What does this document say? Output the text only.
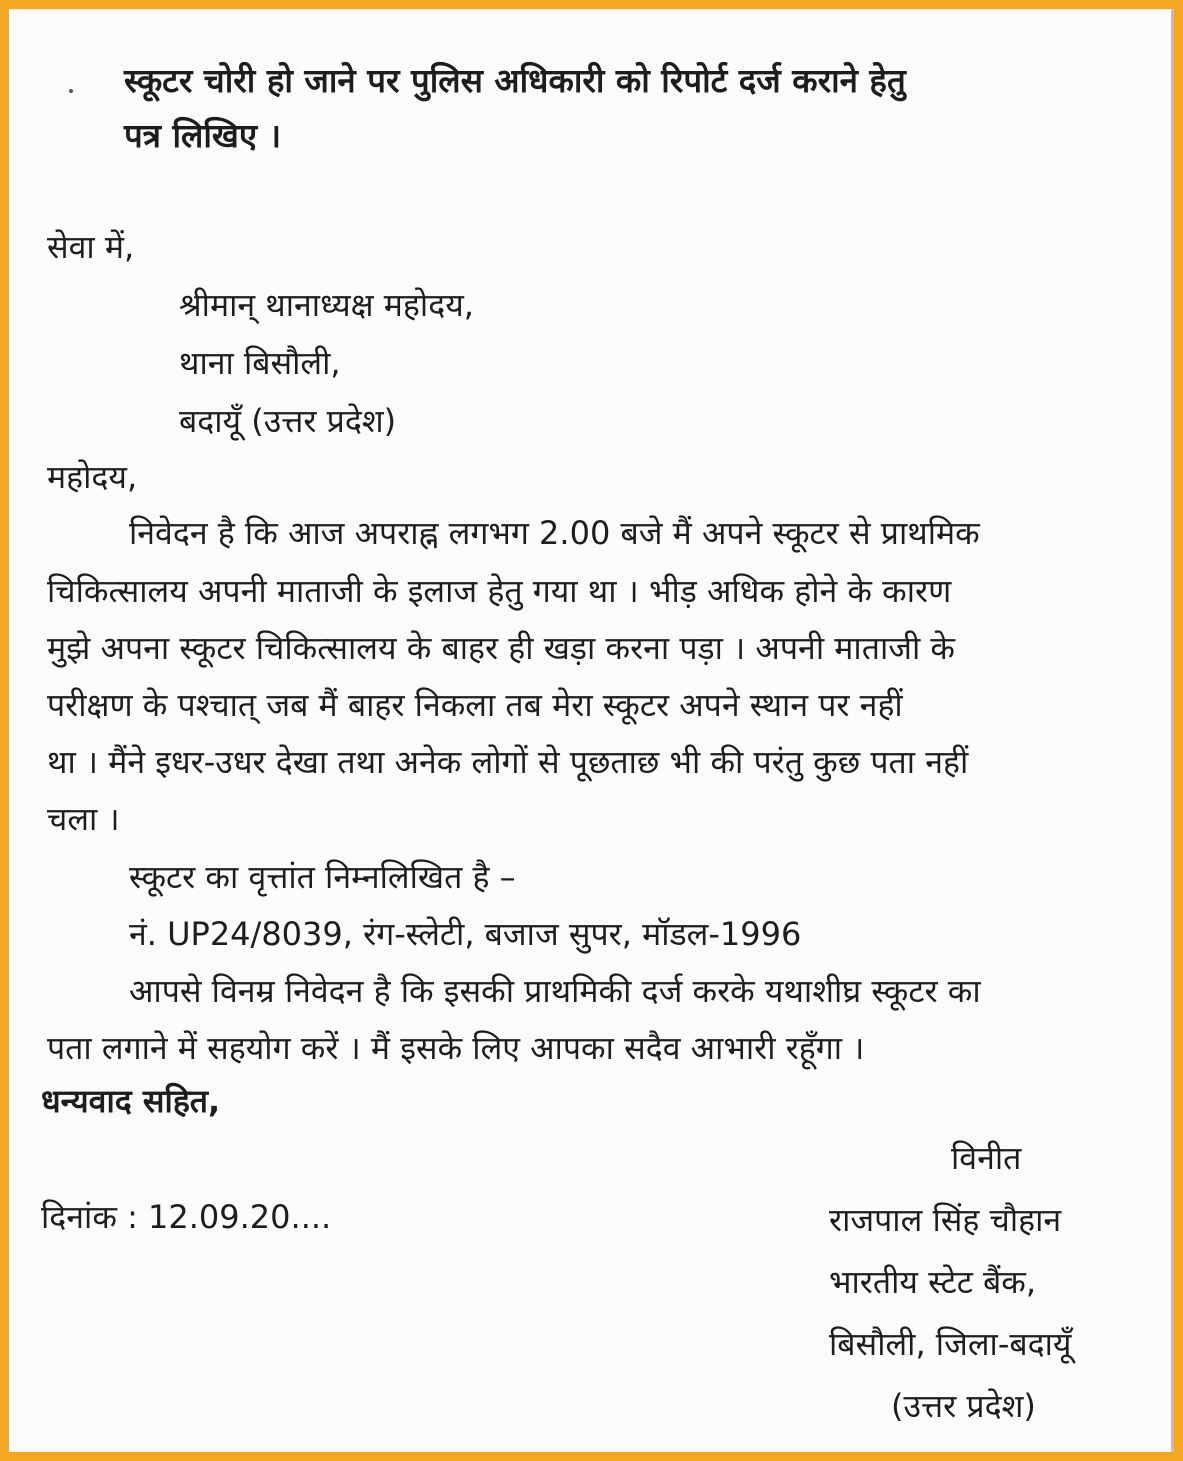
स्कूटर चोरी हो जाने पर पुलिस अधिकारी को रिपोर्ट दर्ज कराने हेतु
पत्र लिखिए ।
सेवा में,
श्रीमान् थानाध्यक्ष महोदय,
थाना बिसौली,
बदायूँ (उत्तर प्रदेश)
महोदय,
निवेदन है कि आज अपराह्न लगभग 2.00 बजे मैं अपने स्कूटर से प्राथमिक
चिकित्सालय अपनी माताजी के इलाज हेतु गया था । भीड़ अधिक होने के कारण
मुझे अपना स्कूटर चिकित्सालय के बाहर ही खड़ा करना पड़ा । अपनी माताजी के
परीक्षण के पश्चात् जब मैं बाहर निकला तब मेरा स्कूटर अपने स्थान पर नहीं
था । मैंने इधर-उधर देखा तथा अनेक लोगों से पूछताछ भी की परंतु कुछ पता नहीं
चला ।
स्कूटर का वृत्तांत निम्नलिखित है –
नं. UP24/8039, रंग-स्लेटी, बजाज सुपर, मॉडल-1996
आपसे विनम्र निवेदन है कि इसकी प्राथमिकी दर्ज करके यथाशीघ्र स्कूटर का
पता लगाने में सहयोग करें । मैं इसके लिए आपका सदैव आभारी रहूँगा ।
धन्यवाद सहित,
दिनांक : 12.09.20....
विनीत
राजपाल सिंह चौहान
भारतीय स्टेट बैंक,
बिसौली, जिला-बदायूँ
(उत्तर प्रदेश)
